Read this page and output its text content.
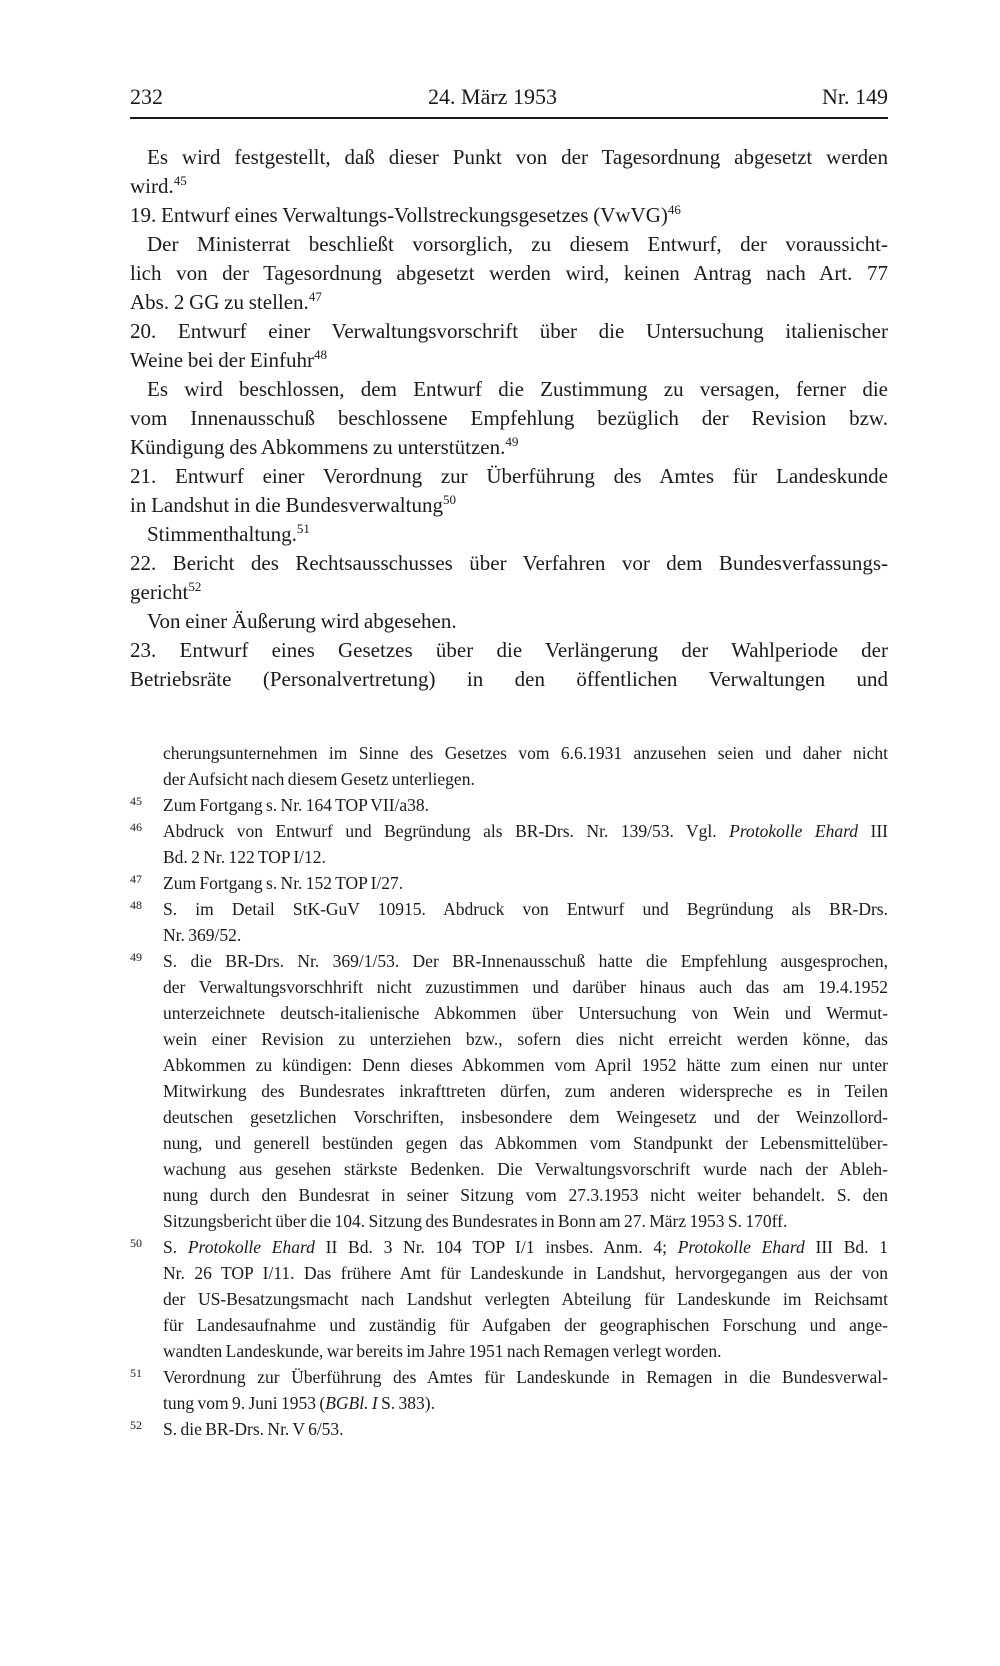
232	24. März 1953	Nr. 149
Es wird festgestellt, daß dieser Punkt von der Tagesordnung abgesetzt werden
wird.$^{45}$
19. Entwurf eines Verwaltungs-Vollstreckungsgesetzes (VwVG)$^{46}$
Der Ministerrat beschließt vorsorglich, zu diesem Entwurf, der voraussicht-
lich von der Tagesordnung abgesetzt werden wird, keinen Antrag nach Art. 77
Abs. 2 GG zu stellen.$^{47}$
20. Entwurf einer Verwaltungsvorschrift über die Untersuchung italienischer
Weine bei der Einfuhr$^{48}$
Es wird beschlossen, dem Entwurf die Zustimmung zu versagen, ferner die
vom Innenausschuß beschlossene Empfehlung bezüglich der Revision bzw.
Kündigung des Abkommens zu unterstützen.$^{49}$
21. Entwurf einer Verordnung zur Überführung des Amtes für Landeskunde
in Landshut in die Bundesverwaltung$^{50}$
Stimmenthaltung.$^{51}$
22. Bericht des Rechtsausschusses über Verfahren vor dem Bundesverfassungs-
gericht$^{52}$
Von einer Äußerung wird abgesehen.
23. Entwurf eines Gesetzes über die Verlängerung der Wahlperiode der
Betriebsräte (Personalvertretung) in den öffentlichen Verwaltungen und
cherungsunternehmen im Sinne des Gesetzes vom 6.6.1931 anzusehen seien und daher nicht
der Aufsicht nach diesem Gesetz unterliegen.
45 Zum Fortgang s. Nr. 164 TOP VII/a38.
46 Abdruck von Entwurf und Begründung als BR-Drs. Nr. 139/53. Vgl. Protokolle Ehard III
Bd. 2 Nr. 122 TOP I/12.
47 Zum Fortgang s. Nr. 152 TOP I/27.
48 S. im Detail StK-GuV 10915. Abdruck von Entwurf und Begründung als BR-Drs.
Nr. 369/52.
49 S. die BR-Drs. Nr. 369/1/53. Der BR-Innenausschuß hatte die Empfehlung ausgesprochen,
der Verwaltungsvorschhrift nicht zuzustimmen und darüber hinaus auch das am 19.4.1952
unterzeichnete deutsch-italienische Abkommen über Untersuchung von Wein und Wermut-
wein einer Revision zu unterziehen bzw., sofern dies nicht erreicht werden könne, das
Abkommen zu kündigen: Denn dieses Abkommen vom April 1952 hätte zum einen nur unter
Mitwirkung des Bundesrates inkrafttreten dürfen, zum anderen widerspreche es in Teilen
deutschen gesetzlichen Vorschriften, insbesondere dem Weingesetz und der Weinzollord-
nung, und generell bestünden gegen das Abkommen vom Standpunkt der Lebensmittelüber-
wachung aus gesehen stärkste Bedenken. Die Verwaltungsvorschrift wurde nach der Ableh-
nung durch den Bundesrat in seiner Sitzung vom 27.3.1953 nicht weiter behandelt. S. den
Sitzungsbericht über die 104. Sitzung des Bundesrates in Bonn am 27. März 1953 S. 170ff.
50 S. Protokolle Ehard II Bd. 3 Nr. 104 TOP I/1 insbes. Anm. 4; Protokolle Ehard III Bd. 1
Nr. 26 TOP I/11. Das frühere Amt für Landeskunde in Landshut, hervorgegangen aus der von
der US-Besatzungsmacht nach Landshut verlegten Abteilung für Landeskunde im Reichsamt
für Landesaufnahme und zuständig für Aufgaben der geographischen Forschung und ange-
wandten Landeskunde, war bereits im Jahre 1951 nach Remagen verlegt worden.
51 Verordnung zur Überführung des Amtes für Landeskunde in Remagen in die Bundesverwal-
tung vom 9. Juni 1953 (BGBl. I S. 383).
52 S. die BR-Drs. Nr. V 6/53.
